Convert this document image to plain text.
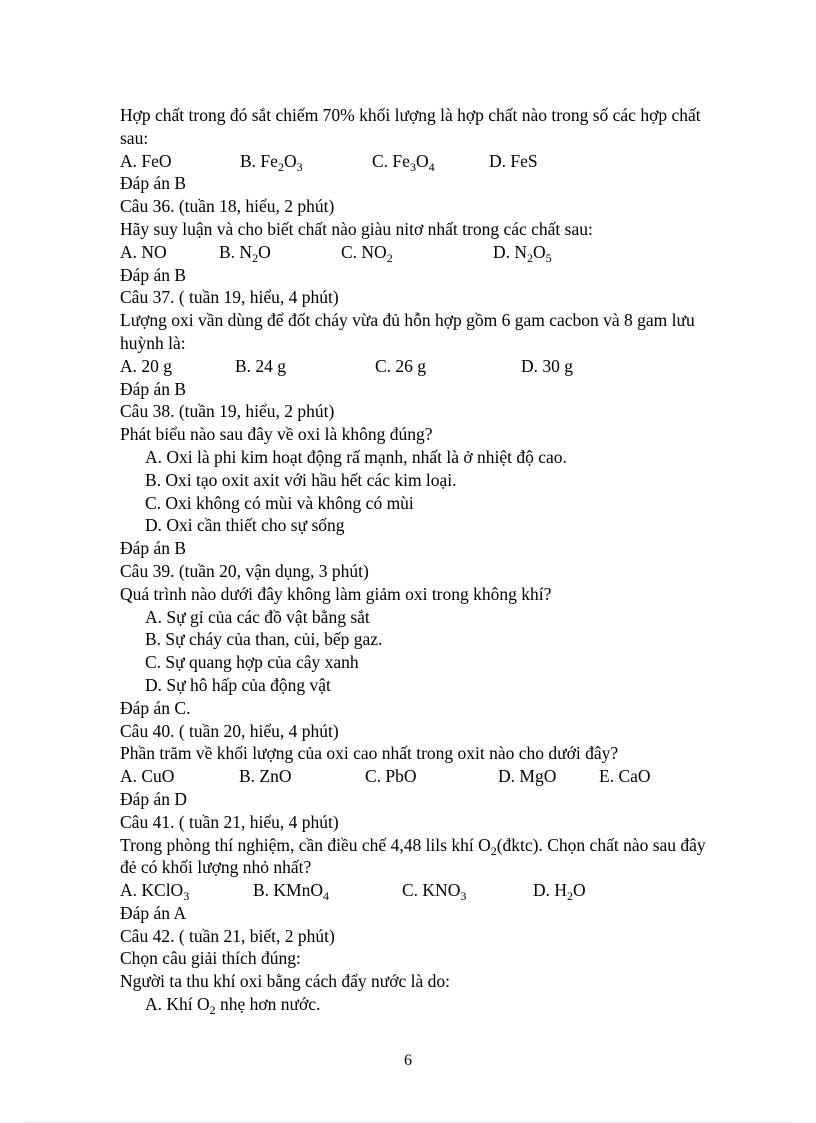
Hợp chất trong đó sắt chiếm 70% khối lượng là hợp chất nào trong số các hợp chất sau:
A. FeO	B. $Fe_2O_3$	C. $Fe_3O_4$	D. FeS
Đáp án B
Câu 36. (tuần 18, hiểu, 2 phút)
Hãy suy luận và cho biết chất nào giàu nitơ nhất trong các chất sau:
A. NO	B. $N_2O$	C. $NO_2$	D. $N_2O_5$
Đáp án B
Câu 37. ( tuần 19, hiểu, 4 phút)
Lượng oxi vần dùng để đốt cháy vừa đủ hỗn hợp gồm 6 gam cacbon và 8 gam lưu huỳnh là:
A. 20 g	B. 24 g	C. 26 g	D. 30 g
Đáp án B
Câu 38. (tuần 19, hiểu, 2 phút)
Phát biểu nào sau đây về oxi là không đúng?
A. Oxi là phi kim hoạt động rấ mạnh, nhất là ở nhiệt độ cao.
B. Oxi tạo oxit axit với hầu hết các kim loại.
C. Oxi không có mùi và không có mùi
D. Oxi cần thiết cho sự sống
Đáp án B
Câu 39. (tuần 20, vận dụng, 3 phút)
Quá trình nào dưới đây không làm giảm oxi trong không khí?
A. Sự gỉ của các đồ vật bằng sắt
B. Sự cháy của than, củi, bếp gaz.
C. Sự quang hợp của cây xanh
D. Sự hô hấp của động vật
Đáp án C.
Câu 40. ( tuần 20, hiểu, 4 phút)
Phần trăm về khối lượng của oxi cao nhất trong oxit nào cho dưới đây?
A. CuO	B. ZnO	C. PbO	D. MgO E. CaO
Đáp án D
Câu 41. ( tuần 21, hiểu, 4 phút)
Trong phòng thí nghiệm, cần điều chế 4,48 lils khí $O_2(đktc)$. Chọn chất nào sau đây đẻ có khối lượng nhỏ nhất?
A. KClO$_3$	B. KMnO$_4$	C. $KNO_3$	D. $H_2O$
Đáp án A
Câu 42. ( tuần 21, biết, 2 phút)
Chọn câu giải thích đúng:
Người ta thu khí oxi bằng cách đẩy nước là do:
A. Khí $O_2$ nhẹ hơn nước.
6
